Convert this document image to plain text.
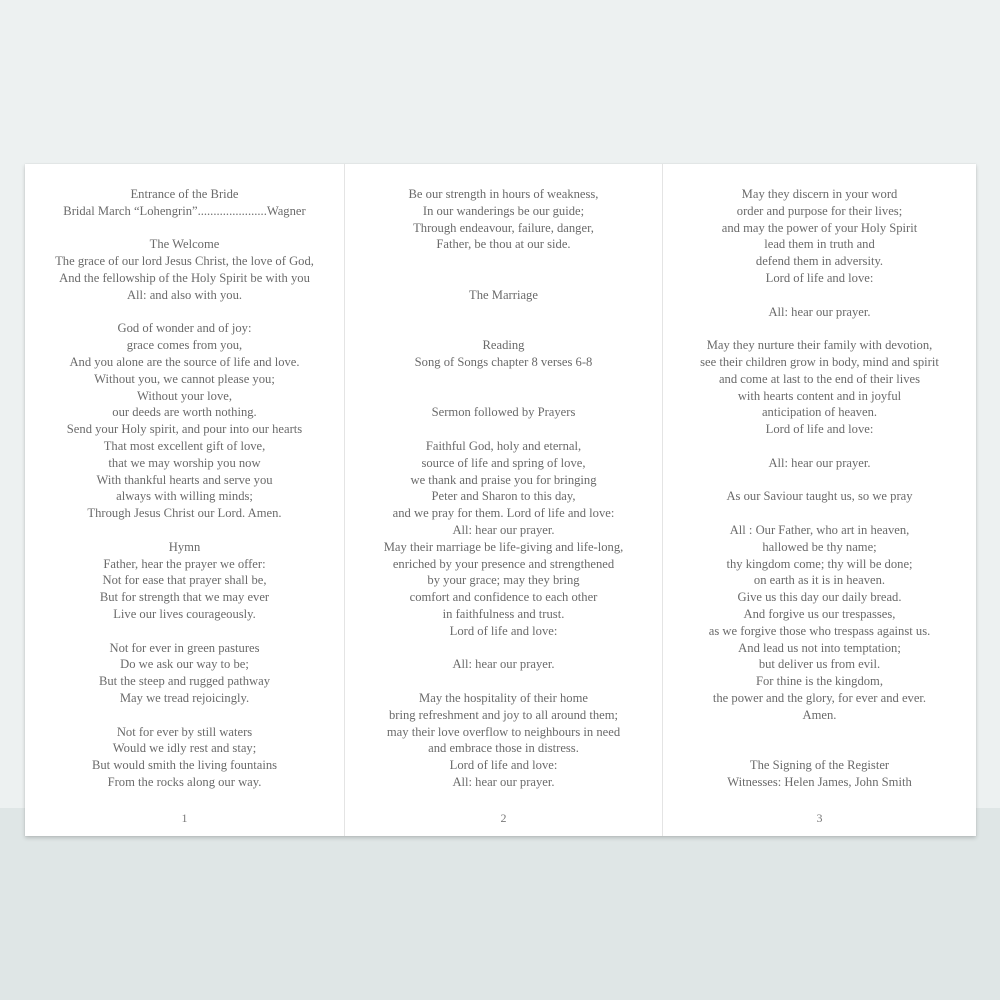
Entrance of the Bride
Bridal March “Lohengrin”......................Wagner
The Welcome
The grace of our lord Jesus Christ, the love of God,
And the fellowship of the Holy Spirit be with you
All: and also with you.
God of wonder and of joy:
grace comes from you,
And you alone are the source of life and love.
Without you, we cannot please you;
Without your love,
our deeds are worth nothing.
Send your Holy spirit, and pour into our hearts
That most excellent gift of love,
that we may worship you now
With thankful hearts and serve you
always with willing minds;
Through Jesus Christ our Lord. Amen.
Hymn
Father, hear the prayer we offer:
Not for ease that prayer shall be,
But for strength that we may ever
Live our lives courageously.
Not for ever in green pastures
Do we ask our way to be;
But the steep and rugged pathway
May we tread rejoicingly.
Not for ever by still waters
Would we idly rest and stay;
But would smith the living fountains
From the rocks along our way.
1
Be our strength in hours of weakness,
In our wanderings be our guide;
Through endeavour, failure, danger,
Father, be thou at our side.
The Marriage
Reading
Song of Songs chapter 8 verses 6-8
Sermon followed by Prayers
Faithful God, holy and eternal,
source of life and spring of love,
we thank and praise you for bringing
Peter and Sharon to this day,
and we pray for them. Lord of life and love:
All: hear our prayer.
May their marriage be life-giving and life-long,
enriched by your presence and strengthened
by your grace; may they bring
comfort and confidence to each other
in faithfulness and trust.
Lord of life and love:
All: hear our prayer.
May the hospitality of their home
bring refreshment and joy to all around them;
may their love overflow to neighbours in need
and embrace those in distress.
Lord of life and love:
All: hear our prayer.
2
May they discern in your word
order and purpose for their lives;
and may the power of your Holy Spirit
lead them in truth and
defend them in adversity.
Lord of life and love:
All: hear our prayer.
May they nurture their family with devotion,
see their children grow in body, mind and spirit
and come at last to the end of their lives
with hearts content and in joyful
anticipation of heaven.
Lord of life and love:
All: hear our prayer.
As our Saviour taught us, so we pray
All : Our Father, who art in heaven,
hallowed be thy name;
thy kingdom come; thy will be done;
on earth as it is in heaven.
Give us this day our daily bread.
And forgive us our trespasses,
as we forgive those who trespass against us.
And lead us not into temptation;
but deliver us from evil.
For thine is the kingdom,
the power and the glory, for ever and ever.
Amen.
The Signing of the Register
Witnesses: Helen James, John Smith
3
